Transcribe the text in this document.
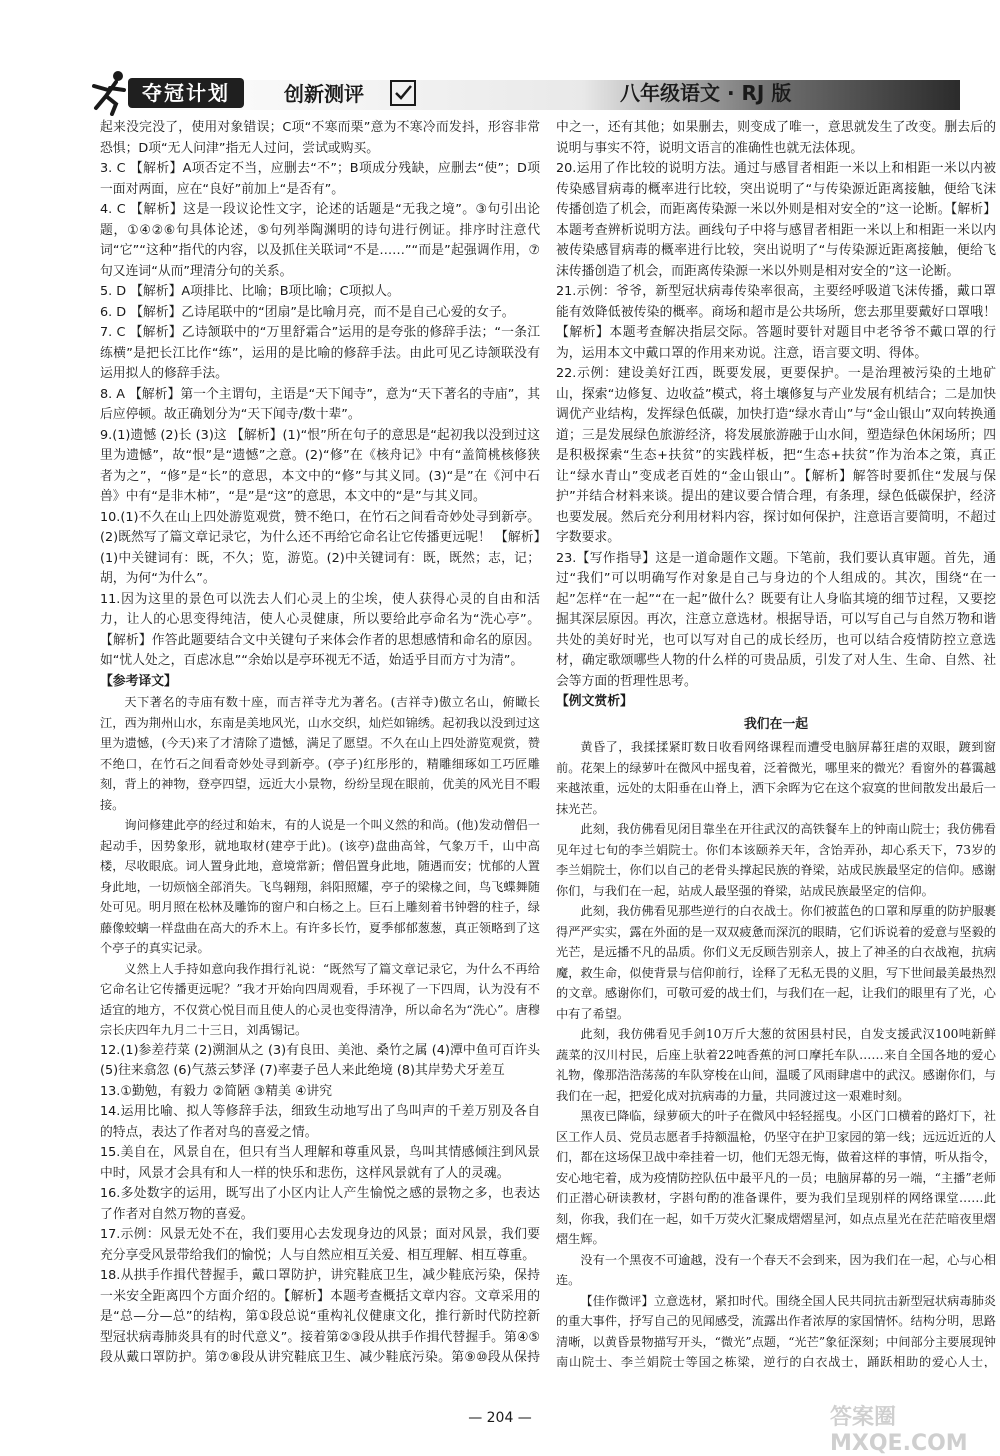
夺冠计划	创新测评	八年级语文 · RJ 版

起来没完没了，使用对象错误；C项“不寒而栗”意为不寒冷而发抖，形容非常恐惧；D项“无人问津”指无人过问，尝试或购买。

3. C 【解析】A项否定不当，应删去“不”；B项成分残缺，应删去“使”；D项一面对两面，应在“良好”前加上“是否有”。

4. C 【解析】这是一段议论性文字，论述的话题是“无我之境”。③句引出论题，①④②⑥句具体论述，⑤句列举陶渊明的诗句进行例证。排序时注意代词“它”“这种”指代的内容，以及抓住关联词“不是……”“而是”起强调作用，⑦句又连词“从而”理清分句的关系。

5. D 【解析】A项排比、比喻；B项比喻；C项拟人。

6. D 【解析】乙诗尾联中的“团扇”是比喻月亮，而不是自己心爱的女子。

7. C 【解析】乙诗颔联中的“万里舒霜合”运用的是夸张的修辞手法；“一条江练横”是把长江比作“练”，运用的是比喻的修辞手法。由此可见乙诗颔联没有运用拟人的修辞手法。

8. A 【解析】第一个主谓句，主语是“天下闻寺”，意为“天下著名的寺庙”，其后应停顿。故正确划分为“天下闻寺/数十辈”。

9.(1)遗憾 (2)长 (3)这 【解析】(1)“恨”所在句子的意思是“起初我以没到过这里为遗憾”，故“恨”是“遗憾”之意。(2)“修”在《核舟记》中有“盖简桃核修狭者为之”，“修”是“长”的意思，本文中的“修”与其义同。(3)“是”在《河中石兽》中有“是非木柿”，“是”是“这”的意思，本文中的“是”与其义同。

10.(1)不久在山上四处游览观赏，赞不绝口，在竹石之间看奇妙处寻到新亭。(2)既然写了篇文章记录它，为什么还不再给它命名让它传播更远呢！ 【解析】(1)中关键词有：既，不久；览，游览。(2)中关键词有：既，既然；志，记；胡，为何“为什么”。

11.因为这里的景色可以洗去人们心灵上的尘埃，使人获得心灵的自由和活力，让人的心思变得纯洁，使人心灵健康，所以要给此亭命名为“洗心亭”。【解析】作答此题要结合文中关键句子来体会作者的思想感情和命名的原因。如“忧人处之，百虑冰息”“余始以是亭环视无不适，始适乎目而方寸为清”。

【参考译文】

天下著名的寺庙有数十座，而吉祥寺尤为著名。(吉祥寺)傲立名山，俯瞰长江，西为荆州山水，东南是美地风光，山水交织，灿烂如锦绣。起初我以没到过这里为遗憾，(今天)来了才清除了遗憾，满足了愿望。不久在山上四处游览观赏，赞不绝口，在竹石之间看奇妙处寻到新亭。(亭子)红彤彤的，精雕细琢如工巧匠雕刻，背上的神物，登亭四望，远近大小景物，纷纷呈现在眼前，优美的风光目不暇接。

询问修建此亭的经过和始末，有的人说是一个叫义然的和尚。(他)发动僧侣一起动手，因势象形，就地取材(建亭于此)。(该亭)盘曲高耸，气象万千，山中高楼，尽收眼底。词人置身此地，意境常新；僧侣置身此地，随遇而安；忧郁的人置身此地，一切烦恼全部消失。飞鸟翱翔，斜阳照耀，亭子的梁椽之间，鸟飞蝶舞随处可见。明月照在松林及雕饰的窗户和白杨之上。巨石上雕刻着书钟磬的柱子，绿藤像蛟螭一样盘曲在高大的乔木上。有许多长竹，夏季郁郁葱葱，真正领略到了这个亭子的真实记录。

义然上人手持如意向我作揖行礼说：“既然写了篇文章记录它，为什么不再给它命名让它传播更远呢？”我才开始向四周观看，手环视了一下四周，认为没有不适宜的地方，不仅赏心悦目而且使人的心灵也变得清净，所以命名为“洗心”。唐穆宗长庆四年九月二十三日，刘禹锡记。

12.(1)参差荇菜 (2)溯洄从之 (3)有良田、美池、桑竹之属 (4)潭中鱼可百许头 (5)往来翕忽 (6)气蒸云梦泽 (7)率妻子邑人来此绝境 (8)其岸势犬牙差互

13.①勤勉，有毅力 ②简陋 ③精美 ④讲究

14.运用比喻、拟人等修辞手法，细致生动地写出了鸟叫声的千差万别及各自的特点，表达了作者对鸟的喜爱之情。

15.美自在，风景自在，但只有当人理解和尊重风景，鸟叫其情感倾注到风景中时，风景才会具有和人一样的快乐和悲伤，这样风景就有了人的灵魂。

16.多处数字的运用，既写出了小区内让人产生愉悦之感的景物之多，也表达了作者对自然万物的喜爱。

17.示例：风景无处不在，我们要用心去发现身边的风景；面对风景，我们要充分享受风景带给我们的愉悦；人与自然应相互关爱、相互理解、相互尊重。

18.从拱手作揖代替握手，戴口罩防护，讲究鞋底卫生，减少鞋底污染，保持一米安全距离四个方面介绍的。【解析】本题考查概括文章内容。文章采用的是“总—分—总”的结构，第①段总说“重构礼仪健康文化，推行新时代防控新型冠状病毒肺炎具有的时代意义”。接着第②③段从拱手作揖代替握手。第④⑤段从戴口罩防护。第⑦⑧段从讲究鞋底卫生、减少鞋底污染。第⑨⑩段从保持

中之一，还有其他；如果删去，则变成了唯一，意思就发生了改变。删去后的说明与事实不符，说明文语言的准确性也就无法体现。

20.运用了作比较的说明方法。通过与感冒者相距一米以上和相距一米以内被传染感冒病毒的概率进行比较，突出说明了“与传染源近距离接触，便给飞沫传播创造了机会，而距离传染源一米以外则是相对安全的”这一论断。【解析】本题考查辨析说明方法。画线句子中将与感冒者相距一米以上和相距一米以内被传染感冒病毒的概率进行比较，突出说明了“与传染源近距离接触，便给飞沫传播创造了机会，而距离传染源一米以外则是相对安全的”这一论断。

21.示例：爷爷，新型冠状病毒传染率很高，主要经呼吸道飞沫传播，戴口罩能有效降低被传染的概率。商场和超市是公共场所，您去那里要戴好口罩哦！【解析】本题考查解决指层交际。答题时要针对题目中老爷爷不戴口罩的行为，运用本文中戴口罩的作用来劝说。注意，语言要文明、得体。

22.示例：建设美好江西，既要发展，更要保护。一是治理被污染的土地矿山，探索“边修复、边收益”模式，将土壤修复与产业发展有机结合；二是加快调优产业结构，发挥绿色低碳，加快打造“绿水青山”与“金山银山”双向转换通道；三是发展绿色旅游经济，将发展旅游融于山水间，塑造绿色休闲场所；四是积极探索“生态+扶贫”的实践样板，把“生态+扶贫”作为治本之策，真正让“绿水青山”变成老百姓的“金山银山”。【解析】解答时要抓住“发展与保护”并结合材料来谈。提出的建议要合情合理，有条理，绿色低碳保护，经济也要发展。然后充分利用材料内容，探讨如何保护，注意语言要简明，不超过字数要求。

23.【写作指导】这是一道命题作文题。下笔前，我们要认真审题。首先，通过“我们”可以明确写作对象是自己与身边的个人组成的。其次，围绕“在一起”怎样“在一起”“在一起”做什么？既要有让人身临其境的细节过程，又要挖掘其深层原因。再次，注意立意选材。根据导语，可以写自己与自然万物和谐共处的美好时光，也可以写对自己的成长经历，也可以结合疫情防控立意选材，确定歌颂哪些人物的什么样的可贵品质，引发了对人生、生命、自然、社会等方面的哲理性思考。

【例文赏析】

我们在一起

黄昏了，我揉揉紧盯数日收看网络课程而遭受电脑屏幕狂虐的双眼，踱到窗前。花架上的绿萝叶在微风中摇曳着，泛着微光，哪里来的微光？看窗外的暮霭越来越浓重，远处的太阳垂在山脊上，洒下余晖为它在这个寂寞的世间散发出最后一抹光芒。

此刻，我仿佛看见闭目靠坐在开往武汉的高铁餐车上的钟南山院士；我仿佛看见年过七旬的李兰娟院士。你们本该颐养天年，含饴弄孙，却心系天下，73岁的李兰娟院士，你们以自己的老骨头撑起民族的脊梁，站成民族最坚定的信仰。感谢你们，与我们在一起，站成人最坚强的脊梁，站成民族最坚定的信仰。

此刻，我仿佛看见那些逆行的白衣战士。你们被蓝色的口罩和厚重的防护服裹得严严实实，露在外面的是一双双疲惫而深沉的眼睛，它们诉说着的爱意与坚毅的光芒，是远播不凡的品质。你们义无反顾告别亲人，披上了神圣的白衣战袍，抗病魔，救生命，似使背景与信仰前行，诠释了无私无畏的义胆，写下世间最美最热烈的文章。感谢你们，可敬可爱的战士们，与我们在一起，让我们的眼里有了光，心中有了希望。

此刻，我仿佛看见手剑10万斤大葱的贫困县村民，自发支援武汉100吨新鲜蔬菜的汉川村民，后座上驮着22吨香蕉的河口摩托车队……来自全国各地的爱心礼物，像那浩浩荡荡的车队穿梭在山间，温暖了风雨肆虐中的武汉。感谢你们，与我们在一起，把爱化成对抗病毒的力量，共同渡过这一艰难时刻。

黑夜已降临，绿萝硕大的叶子在微风中轻轻摇曳。小区门口横着的路灯下，社区工作人员、党员志愿者手持额温枪，仍坚守在护卫家园的第一线；远远近近的人们，都在这场保卫战中牵挂着一切，他们无怨无悔，做着这样的事情，听从指令，安心地宅着，成为疫情防控队伍中最平凡的一员；电脑屏幕的另一端，“主播”老师们正潜心研读教材，字斟句酌的准备课件，要为我们呈现别样的网络课堂……此刻，你我，我们在一起，如千万荧火汇聚成熠熠星河，如点点星光在茫茫暗夜里熠熠生辉。

没有一个黑夜不可逾越，没有一个春天不会到来，因为我们在一起，心与心相连。

【佳作微评】立意选材，紧扣时代。围绕全国人民共同抗击新型冠状病毒肺炎的重大事件，抒写自己的见闻感受，流露出作者浓厚的家国情怀。结构分明，思路清晰，以黄昏景物描写开头，“微光”点题，“光芒”象征深刻；中间部分主要展现钟南山院士、李兰娟院士等国之栋梁，逆行的白衣战士，踊跃相助的爱心人士，

— 204 —	答案圈 MXQE.COM
